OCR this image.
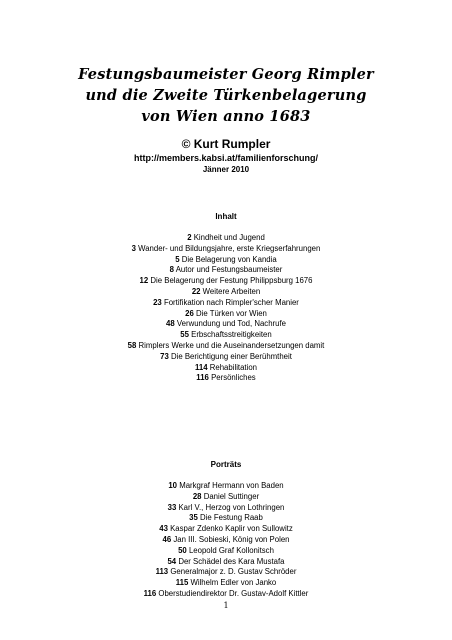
Festungsbaumeister Georg Rimpler
und die Zweite Türkenbelagerung
von Wien anno 1683
© Kurt Rumpler
http://members.kabsi.at/familienforschung/
Jänner 2010
Inhalt
2 Kindheit und Jugend
3 Wander- und Bildungsjahre, erste Kriegserfahrungen
5 Die Belagerung von Kandia
8 Autor und Festungsbaumeister
12 Die Belagerung der Festung Philippsburg 1676
22 Weitere Arbeiten
23 Fortifikation nach Rimpler'scher Manier
26 Die Türken vor Wien
48 Verwundung und Tod, Nachrufe
55 Erbschaftsstreitigkeiten
58 Rimplers Werke und die Auseinandersetzungen damit
73 Die Berichtigung einer Berühmtheit
114 Rehabilitation
116 Persönliches
Porträts
10 Markgraf Hermann von Baden
28 Daniel Suttinger
33 Karl V., Herzog von Lothringen
35 Die Festung Raab
43 Kaspar Zdenko Kaplir von Sullowitz
46 Jan III. Sobieski, König von Polen
50 Leopold Graf Kollonitsch
54 Der Schädel des Kara Mustafa
113 Generalmajor z. D. Gustav Schröder
115 Wilhelm Edler von Janko
116 Oberstudiendirektor Dr. Gustav-Adolf Kittler
1
